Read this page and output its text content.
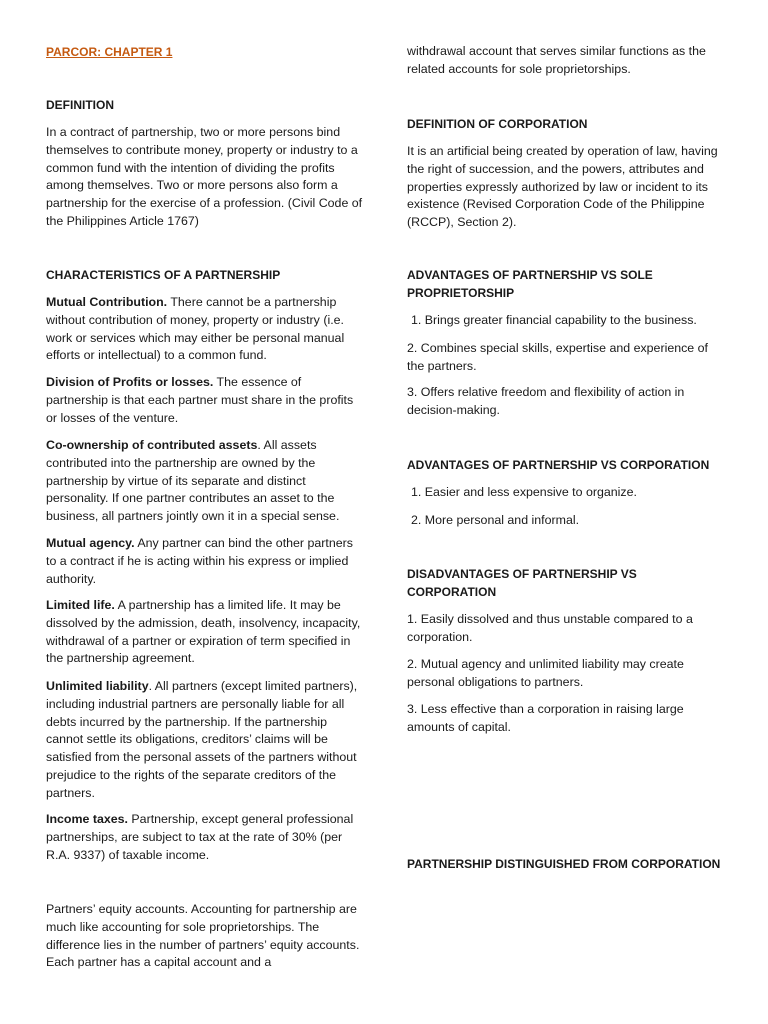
PARCOR: CHAPTER 1
DEFINITION

In a contract of partnership, two or more persons bind themselves to contribute money, property or industry to a common fund with the intention of dividing the profits among themselves. Two or more persons also form a partnership for the exercise of a profession. (Civil Code of the Philippines Article 1767)

CHARACTERISTICS OF A PARTNERSHIP

Mutual Contribution. There cannot be a partnership without contribution of money, property or industry (i.e. work or services which may either be personal manual efforts or intellectual) to a common fund.

Division of Profits or losses. The essence of partnership is that each partner must share in the profits or losses of the venture.

Co-ownership of contributed assets. All assets contributed into the partnership are owned by the partnership by virtue of its separate and distinct personality. If one partner contributes an asset to the business, all partners jointly own it in a special sense.

Mutual agency. Any partner can bind the other partners to a contract if he is acting within his express or implied authority.

Limited life. A partnership has a limited life. It may be dissolved by the admission, death, insolvency, incapacity, withdrawal of a partner or expiration of term specified in the partnership agreement.

Unlimited liability. All partners (except limited partners), including industrial partners are personally liable for all debts incurred by the partnership. If the partnership cannot settle its obligations, creditors’ claims will be satisfied from the personal assets of the partners without prejudice to the rights of the separate creditors of the partners.

Income taxes. Partnership, except general professional partnerships, are subject to tax at the rate of 30% (per R.A. 9337) of taxable income.

Partners’ equity accounts. Accounting for partnership are much like accounting for sole proprietorships. The difference lies in the number of partners’ equity accounts. Each partner has a capital account and a

withdrawal account that serves similar functions as the related accounts for sole proprietorships.

DEFINITION OF CORPORATION

It is an artificial being created by operation of law, having the right of succession, and the powers, attributes and properties expressly authorized by law or incident to its existence (Revised Corporation Code of the Philippine (RCCP), Section 2).

ADVANTAGES OF PARTNERSHIP VS SOLE PROPRIETORSHIP

1. Brings greater financial capability to the business.

2. Combines special skills, expertise and experience of the partners.

3. Offers relative freedom and flexibility of action in decision-making.

ADVANTAGES OF PARTNERSHIP VS CORPORATION

1. Easier and less expensive to organize.

2. More personal and informal.

DISADVANTAGES OF PARTNERSHIP VS CORPORATION

1. Easily dissolved and thus unstable compared to a corporation.

2. Mutual agency and unlimited liability may create personal obligations to partners.

3. Less effective than a corporation in raising large amounts of capital.

PARTNERSHIP DISTINGUISHED FROM CORPORATION
